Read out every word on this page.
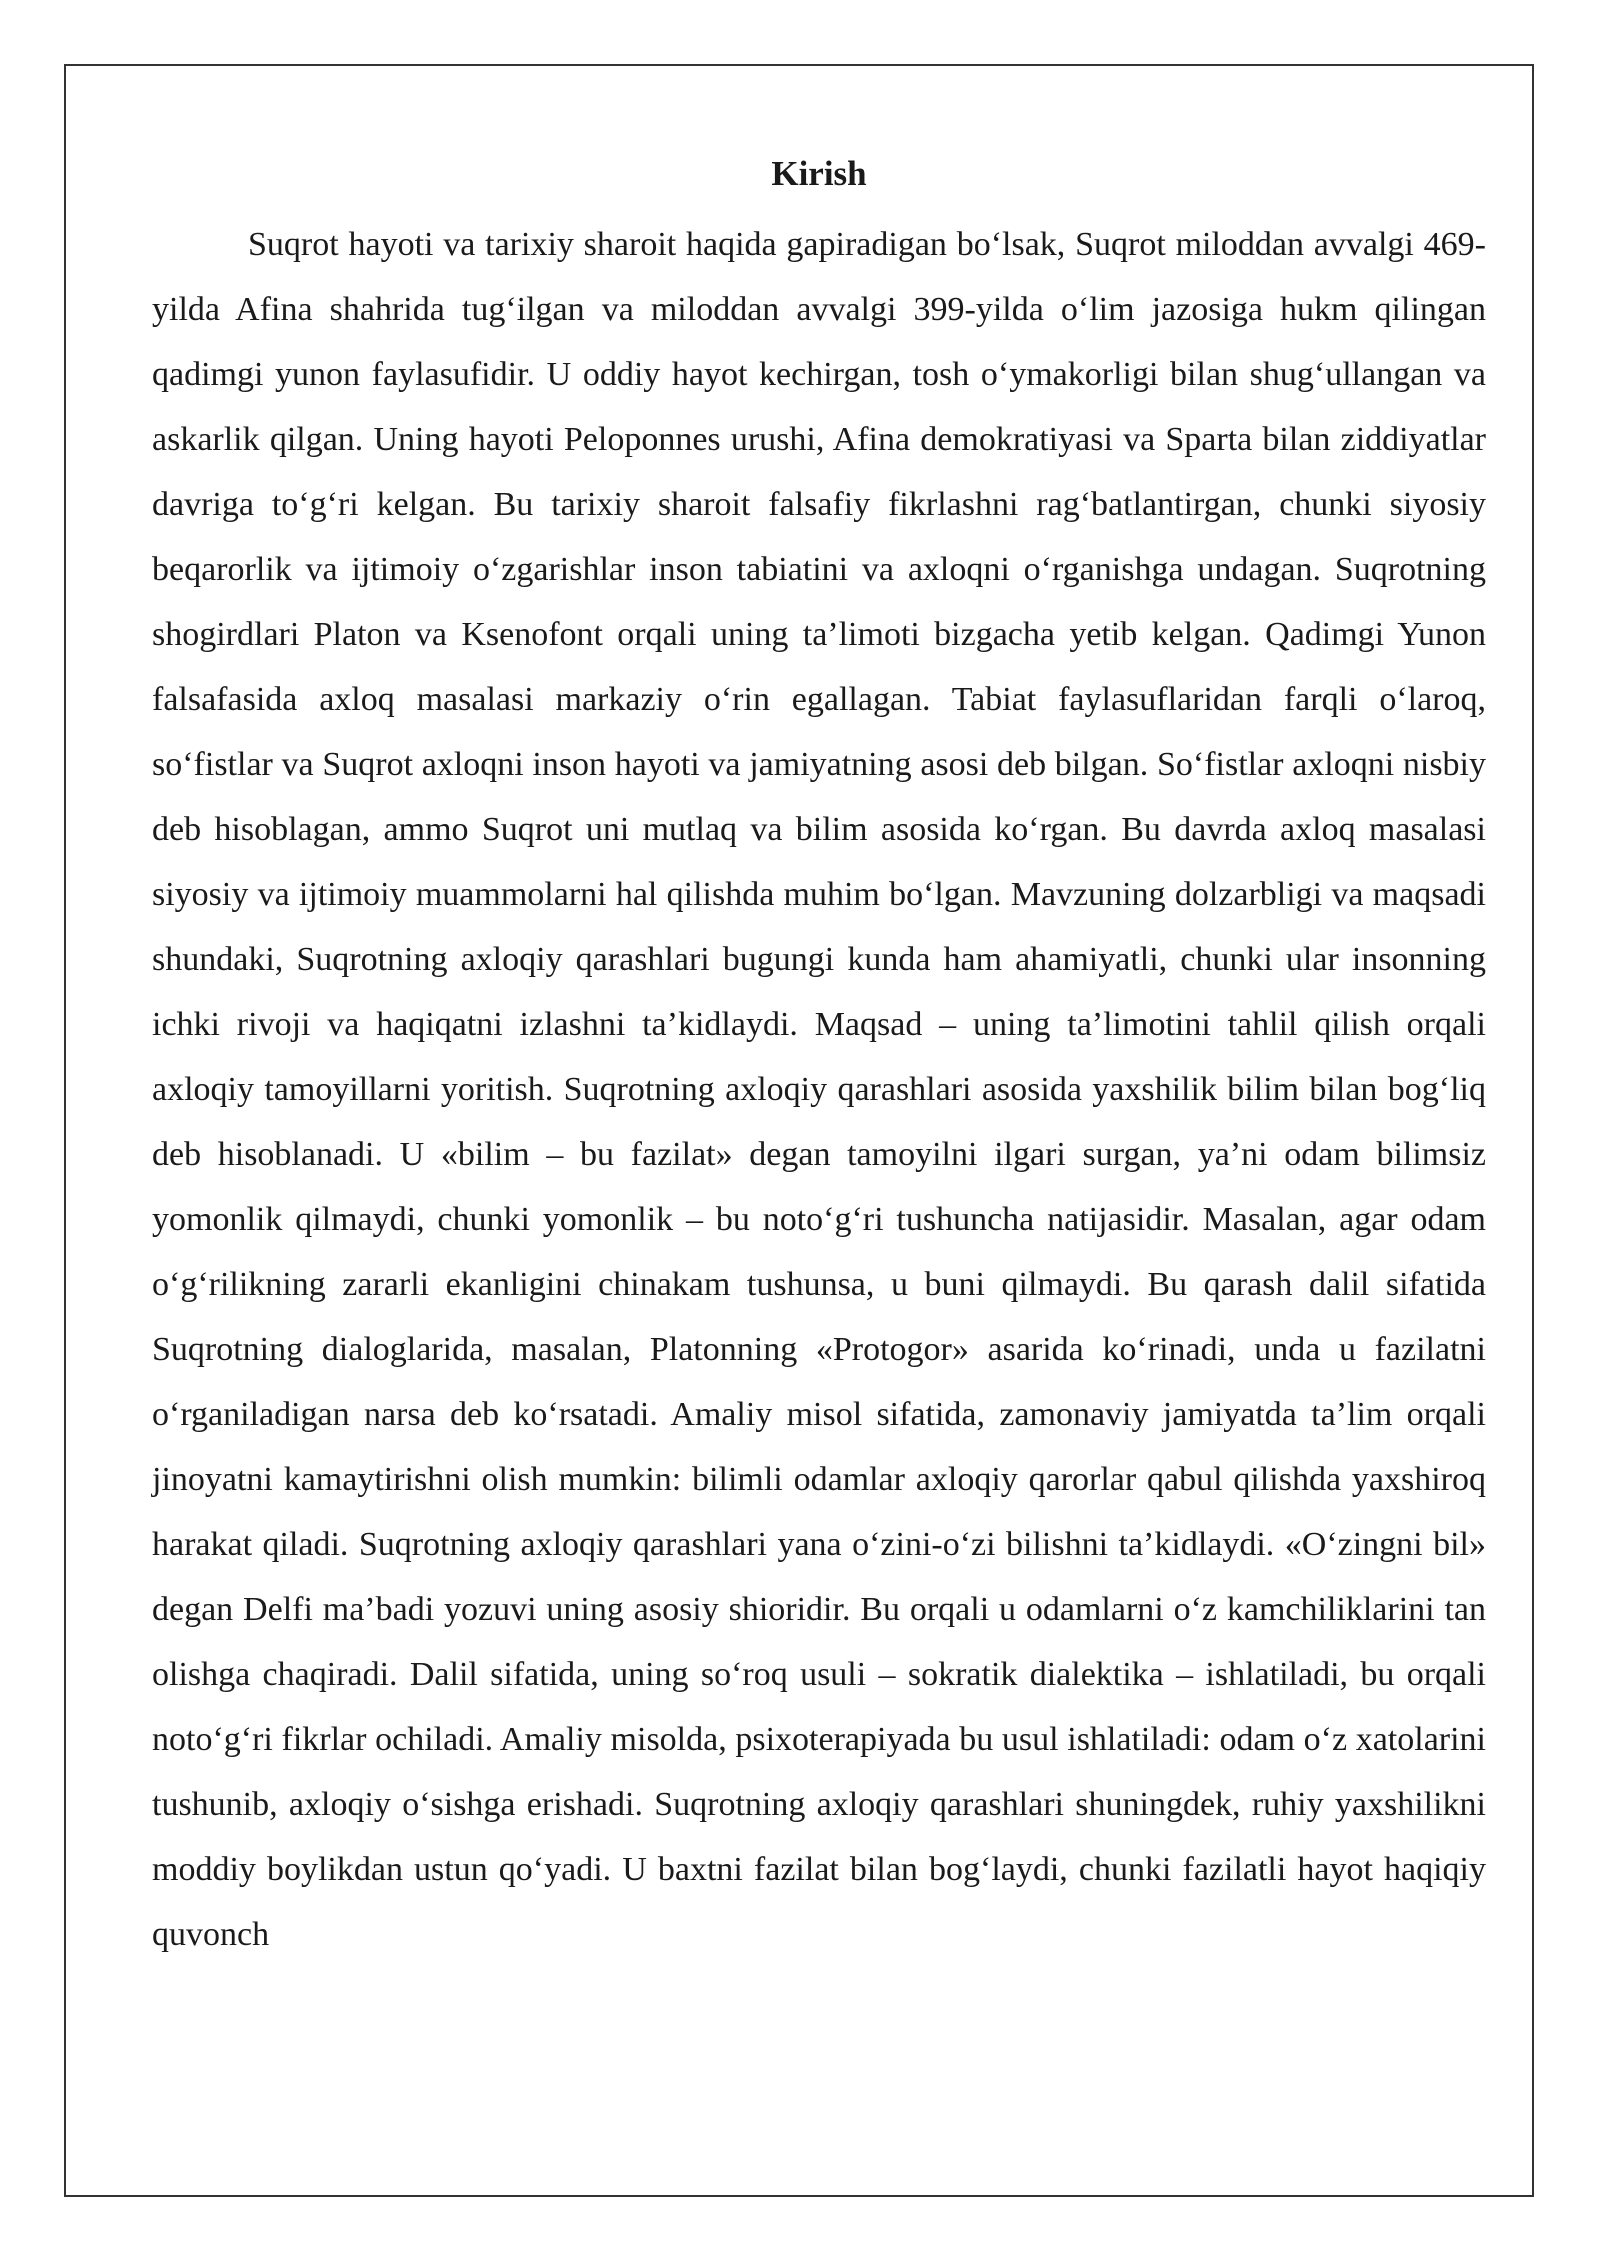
Kirish

Suqrot hayoti va tarixiy sharoit haqida gapiradigan bo‘lsak, Suqrot miloddan avvalgi 469-yilda Afina shahrida tug‘ilgan va miloddan avvalgi 399-yilda o‘lim jazosiga hukm qilingan qadimgi yunon faylasufidir. U oddiy hayot kechirgan, tosh o‘ymakorligi bilan shug‘ullangan va askarlik qilgan. Uning hayoti Peloponnes urushi, Afina demokratiyasi va Sparta bilan ziddiyatlar davriga to‘g‘ri kelgan. Bu tarixiy sharoit falsafiy fikrlashni rag‘batlantirgan, chunki siyosiy beqarorlik va ijtimoiy o‘zgarishlar inson tabiatini va axloqni o‘rganishga undagan. Suqrotning shogirdlari Platon va Ksenofont orqali uning ta’limoti bizgacha yetib kelgan. Qadimgi Yunon falsafasida axloq masalasi markaziy o‘rin egallagan. Tabiat faylasuflaridan farqli o‘laroq, so‘fistlar va Suqrot axloqni inson hayoti va jamiyatning asosi deb bilgan. So‘fistlar axloqni nisbiy deb hisoblagan, ammo Suqrot uni mutlaq va bilim asosida ko‘rgan. Bu davrda axloq masalasi siyosiy va ijtimoiy muammolarni hal qilishda muhim bo‘lgan. Mavzuning dolzarbligi va maqsadi shundaki, Suqrotning axloqiy qarashlari bugungi kunda ham ahamiyatli, chunki ular insonning ichki rivoji va haqiqatni izlashni ta’kidlaydi. Maqsad – uning ta’limotini tahlil qilish orqali axloqiy tamoyillarni yoritish. Suqrotning axloqiy qarashlari asosida yaxshilik bilim bilan bog‘liq deb hisoblanadi. U «bilim – bu fazilat» degan tamoyilni ilgari surgan, ya’ni odam bilimsiz yomonlik qilmaydi, chunki yomonlik – bu noto‘g‘ri tushuncha natijasidir. Masalan, agar odam o‘g‘rilikning zararli ekanligini chinakam tushunsa, u buni qilmaydi. Bu qarash dalil sifatida Suqrotning dialoglarida, masalan, Platonning «Protogor» asarida ko‘rinadi, unda u fazilatni o‘rganiladigan narsa deb ko‘rsatadi. Amaliy misol sifatida, zamonaviy jamiyatda ta’lim orqali jinoyatni kamaytirishni olish mumkin: bilimli odamlar axloqiy qarorlar qabul qilishda yaxshiroq harakat qiladi. Suqrotning axloqiy qarashlari yana o‘zini-o‘zi bilishni ta’kidlaydi. «O‘zingni bil» degan Delfi ma’badi yozuvi uning asosiy shioridir. Bu orqali u odamlarni o‘z kamchiliklarini tan olishga chaqiradi. Dalil sifatida, uning so‘roq usuli – sokratik dialektika – ishlatiladi, bu orqali noto‘g‘ri fikrlar ochiladi. Amaliy misolda, psixoterapiyada bu usul ishlatiladi: odam o‘z xatolarini tushunib, axloqiy o‘sishga erishadi. Suqrotning axloqiy qarashlari shuningdek, ruhiy yaxshilikni moddiy boylikdan ustun qo‘yadi. U baxtni fazilat bilan bog‘laydi, chunki fazilatli hayot haqiqiy quvonch
